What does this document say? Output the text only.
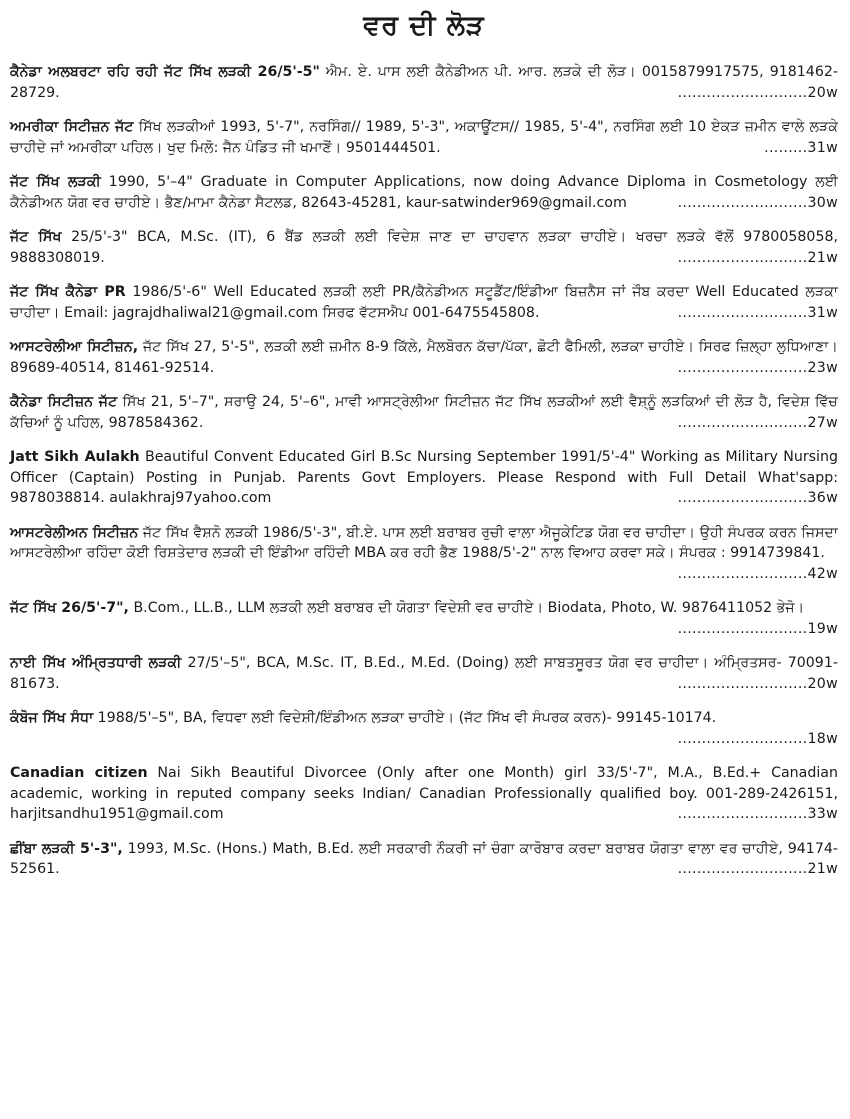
ਵਰ ਦੀ ਲੋੜ
ਕੈਨੇਡਾ ਅਲਬਰਟਾ ਰਹਿ ਰਹੀ ਜੱਟ ਸਿੱਖ ਲੜਕੀ 26/5'-5" ਐਮ. ਏ. ਪਾਸ ਲਈ ਕੈਨੇਡੀਅਨ ਪੀ. ਆਰ. ਲੜਕੇ ਦੀ ਲੋੜ। 0015879917575, 9181462-28729.	...........................20w
ਅਮਰੀਕਾ ਸਿਟੀਜ਼ਨ ਜੱਟ ਸਿੱਖ ਲੜਕੀਆਂ 1993, 5'-7", ਨਰਸਿੰਗ// 1989, 5'-3", ਅਕਾਊਂਟਸ// 1985, 5'-4", ਨਰਸਿੰਗ ਲਈ 10 ਏਕੜ ਜ਼ਮੀਨ ਵਾਲੇ ਲੜਕੇ ਚਾਹੀਦੇ ਜਾਂ ਅਮਰੀਕਾ ਪਹਿਲ। ਖੁਦ ਮਿਲੋ: ਜੈਨ ਪੰਡਿਤ ਜੀ ਖਮਾਣੋਂ। 9501444501.	.........31w
ਜੱਟ ਸਿੱਖ ਲੜਕੀ 1990, 5'–4" Graduate in Computer Applications, now doing Advance Diploma in Cosmetology ਲਈ ਕੈਨੇਡੀਅਨ ਯੋਗ ਵਰ ਚਾਹੀਏ। ਭੈਣ/ਮਾਮਾ ਕੈਨੇਡਾ ਸੈਟਲਡ, 82643-45281, kaur-satwinder969@gmail.com	...........................30w
ਜੱਟ ਸਿੱਖ 25/5'-3" BCA, M.Sc. (IT), 6 ਬੈਂਡ ਲੜਕੀ ਲਈ ਵਿਦੇਸ਼ ਜਾਣ ਦਾ ਚਾਹਵਾਨ ਲੜਕਾ ਚਾਹੀਏ। ਖਰਚਾ ਲੜਕੇ ਵੱਲੋਂ 9780058058, 9888308019.	...........................21w
ਜੱਟ ਸਿੱਖ ਕੈਨੇਡਾ PR 1986/5'-6" Well Educated ਲੜਕੀ ਲਈ PR/ਕੈਨੇਡੀਅਨ ਸਟੂਡੈਂਟ/ਇੰਡੀਆ ਬਿਜ਼ਨੈਸ ਜਾਂ ਜੌਬ ਕਰਦਾ Well Educated ਲੜਕਾ ਚਾਹੀਦਾ। Email: jagrajdhaliwal21@gmail.com ਸਿਰਫ ਵੱਟਸਐਪ 001-6475545808.	...........................31w
ਆਸਟਰੇਲੀਆ ਸਿਟੀਜ਼ਨ, ਜੱਟ ਸਿੱਖ 27, 5'-5", ਲੜਕੀ ਲਈ ਜ਼ਮੀਨ 8-9 ਕਿੱਲੇ, ਮੈਲਬੋਰਨ ਕੱਚਾ/ਪੱਕਾ, ਛੋਟੀ ਫੈਮਿਲੀ, ਲੜਕਾ ਚਾਹੀਏ। ਸਿਰਫ ਜ਼ਿਲ੍ਹਾ ਲੁਧਿਆਣਾ। 89689-40514, 81461-92514.	...........................23w
ਕੈਨੇਡਾ ਸਿਟੀਜ਼ਨ ਜੱਟ ਸਿੱਖ 21, 5'–7", ਸਰਾਉ 24, 5'–6", ਮਾਵੀ ਆਸਟ੍ਰੇਲੀਆ ਸਿਟੀਜ਼ਨ ਜੱਟ ਸਿੱਖ ਲੜਕੀਆਂ ਲਈ ਵੈਸ਼੍ਨੂੰ ਲੜਕਿਆਂ ਦੀ ਲੋੜ ਹੈ, ਵਿਦੇਸ਼ ਵਿੱਚ ਕੱਚਿਆਂ ਨੂੰ ਪਹਿਲ, 9878584362.	...........................27w
Jatt Sikh Aulakh Beautiful Convent Educated Girl B.Sc Nursing September 1991/5'-4" Working as Military Nursing Officer (Captain) Posting in Punjab. Parents Govt Employers. Please Respond with Full Detail What'sapp: 9878038814. aulakhraj97yahoo.com	...........................36w
ਆਸਟਰੇਲੀਅਨ ਸਿਟੀਜ਼ਨ ਜੱਟ ਸਿੱਖ ਵੈਸ਼ਨੋ ਲੜਕੀ 1986/5'-3", ਬੀ.ਏ. ਪਾਸ ਲਈ ਬਰਾਬਰ ਰੁਚੀ ਵਾਲਾ ਐਜੂਕੇਟਿਡ ਯੋਗ ਵਰ ਚਾਹੀਦਾ। ਉਹੀ ਸੰਪਰਕ ਕਰਨ ਜਿਸਦਾ ਆਸਟਰੇਲੀਆ ਰਹਿੰਦਾ ਕੋਈ ਰਿਸ਼ਤੇਦਾਰ ਲੜਕੀ ਦੀ ਇੰਡੀਆ ਰਹਿੰਦੀ MBA ਕਰ ਰਹੀ ਭੈਣ 1988/5'-2" ਨਾਲ ਵਿਆਹ ਕਰਵਾ ਸਕੇ। ਸੰਪਰਕ : 9914739841.
...........................42w
ਜੱਟ ਸਿੱਖ 26/5'-7", B.Com., LL.B., LLM ਲੜਕੀ ਲਈ ਬਰਾਬਰ ਦੀ ਯੋਗਤਾ ਵਿਦੇਸ਼ੀ ਵਰ ਚਾਹੀਏ। Biodata, Photo, W. 9876411052 ਭੇਜੋ।
...........................19w
ਨਾਈ ਸਿੱਖ ਅੰਮ੍ਰਿਤਧਾਰੀ ਲੜਕੀ 27/5'–5", BCA, M.Sc. IT, B.Ed., M.Ed. (Doing) ਲਈ ਸਾਬਤਸੂਰਤ ਯੋਗ ਵਰ ਚਾਹੀਦਾ। ਅੰਮ੍ਰਿਤਸਰ- 70091-81673.	...........................20w
ਕੰਬੋਜ ਸਿੱਖ ਸੰਧਾ 1988/5'–5", BA, ਵਿਧਵਾ ਲਈ ਵਿਦੇਸ਼ੀ/ਇੰਡੀਅਨ ਲੜਕਾ ਚਾਹੀਏ। (ਜੱਟ ਸਿੱਖ ਵੀ ਸੰਪਰਕ ਕਰਨ)- 99145-10174.
...........................18w
Canadian citizen Nai Sikh Beautiful Divorcee (Only after one Month) girl 33/5'-7", M.A., B.Ed.+ Canadian academic, working in reputed company seeks Indian/ Canadian Professionally qualified boy. 001-289-2426151, harjitsandhu1951@gmail.com	...........................33w
ਛੀਂਬਾ ਲੜਕੀ 5'-3", 1993, M.Sc. (Hons.) Math, B.Ed. ਲਈ ਸਰਕਾਰੀ ਨੌਕਰੀ ਜਾਂ ਚੰਗਾ ਕਾਰੋਬਾਰ ਕਰਦਾ ਬਰਾਬਰ ਯੋਗਤਾ ਵਾਲਾ ਵਰ ਚਾਹੀਏ, 94174-52561.	...........................21w
